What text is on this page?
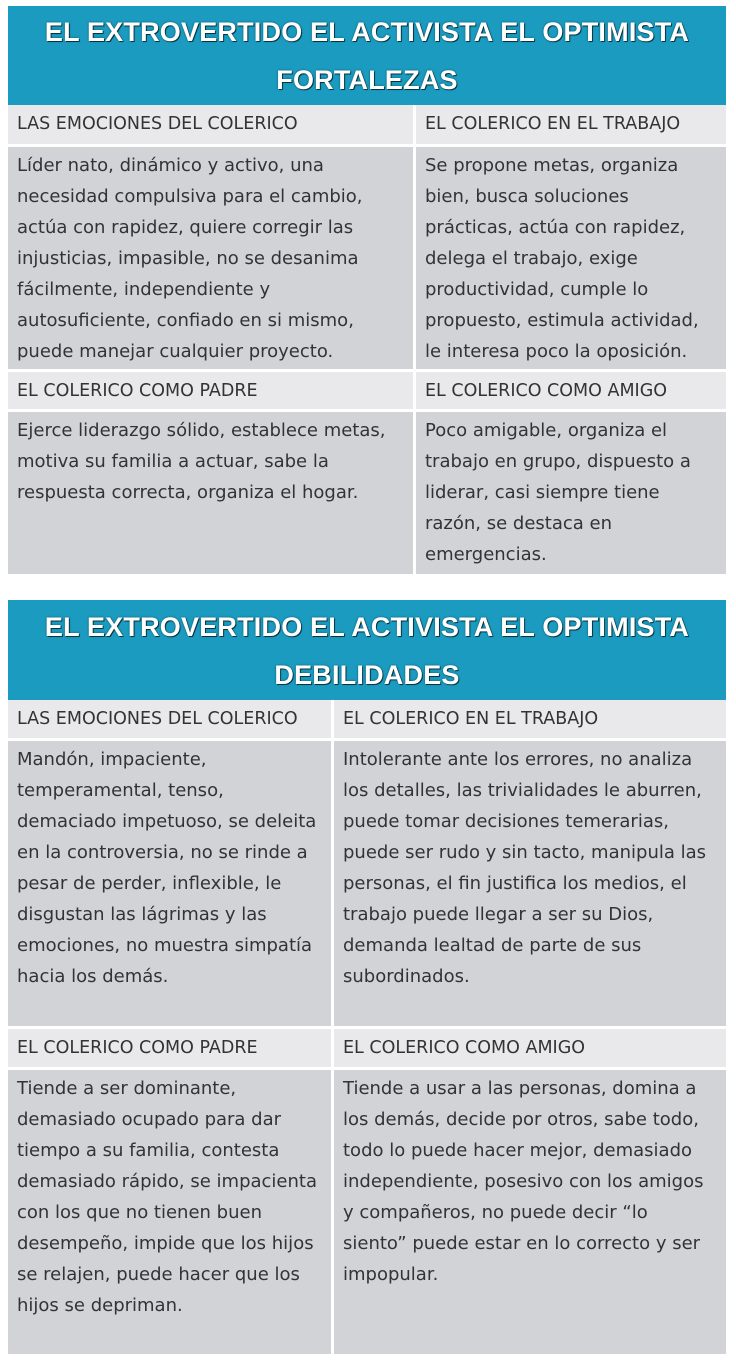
EL EXTROVERTIDO EL ACTIVISTA EL OPTIMISTA
FORTALEZAS
LAS EMOCIONES DEL COLERICO	EL COLERICO EN EL TRABAJO
Líder nato, dinámico y activo, una necesidad compulsiva para el cambio, actúa con rapidez, quiere corregir las injusticias, impasible, no se desanima fácilmente, independiente y autosuficiente, confiado en si mismo, puede manejar cualquier proyecto.
Se propone metas, organiza bien, busca soluciones prácticas, actúa con rapidez, delega el trabajo, exige productividad, cumple lo propuesto, estimula actividad, le interesa poco la oposición.
EL COLERICO COMO PADRE	EL COLERICO COMO AMIGO
Ejerce liderazgo sólido, establece metas, motiva su familia a actuar, sabe la respuesta correcta, organiza el hogar.
Poco amigable, organiza el trabajo en grupo, dispuesto a liderar, casi siempre tiene razón, se destaca en emergencias.
EL EXTROVERTIDO EL ACTIVISTA EL OPTIMISTA
DEBILIDADES
LAS EMOCIONES DEL COLERICO	EL COLERICO EN EL TRABAJO
Mandón, impaciente, temperamental, tenso, demaciado impetuoso, se deleita en la controversia, no se rinde a pesar de perder, inflexible, le disgustan las lágrimas y las emociones, no muestra simpatía hacia los demás.
Intolerante ante los errores, no analiza los detalles, las trivialidades le aburren, puede tomar decisiones temerarias, puede ser rudo y sin tacto, manipula las personas, el fin justifica los medios, el trabajo puede llegar a ser su Dios, demanda lealtad de parte de sus subordinados.
EL COLERICO COMO PADRE	EL COLERICO COMO AMIGO
Tiende a ser dominante, demasiado ocupado para dar tiempo a su familia, contesta demasiado rápido, se impacienta con los que no tienen buen desempeño, impide que los hijos se relajen, puede hacer que los hijos se depriman.
Tiende a usar a las personas, domina a los demás, decide por otros, sabe todo, todo lo puede hacer mejor, demasiado independiente, posesivo con los amigos y compañeros, no puede decir “lo siento” puede estar en lo correcto y ser impopular.
